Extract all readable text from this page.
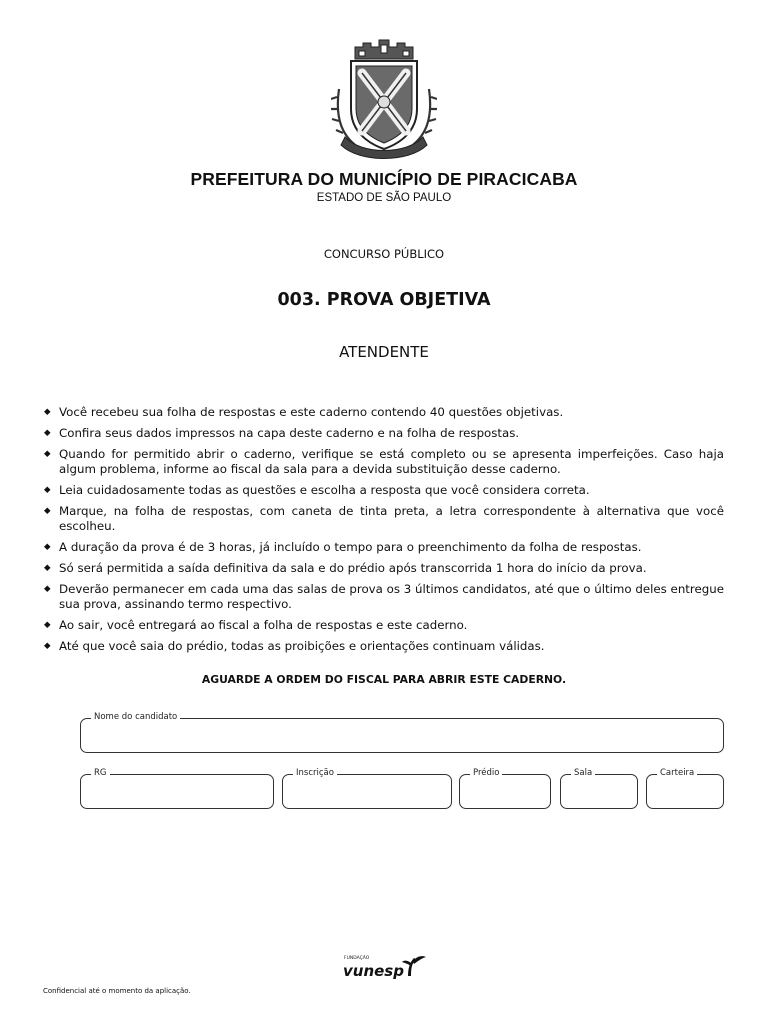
PREFEITURA DO MUNICÍPIO DE PIRACICABA
ESTADO DE SÃO PAULO
CONCURSO PÚBLICO
003. PROVA OBJETIVA
ATENDENTE
◆ Você recebeu sua folha de respostas e este caderno contendo 40 questões objetivas.
◆ Confira seus dados impressos na capa deste caderno e na folha de respostas.
◆ Quando for permitido abrir o caderno, verifique se está completo ou se apresenta imperfeições. Caso haja algum problema, informe ao fiscal da sala para a devida substituição desse caderno.
◆ Leia cuidadosamente todas as questões e escolha a resposta que você considera correta.
◆ Marque, na folha de respostas, com caneta de tinta preta, a letra correspondente à alternativa que você escolheu.
◆ A duração da prova é de 3 horas, já incluído o tempo para o preenchimento da folha de respostas.
◆ Só será permitida a saída definitiva da sala e do prédio após transcorrida 1 hora do início da prova.
◆ Deverão permanecer em cada uma das salas de prova os 3 últimos candidatos, até que o último deles entregue sua prova, assinando termo respectivo.
◆ Ao sair, você entregará ao fiscal a folha de respostas e este caderno.
◆ Até que você saia do prédio, todas as proibições e orientações continuam válidas.
AGUARDE A ORDEM DO FISCAL PARA ABRIR ESTE CADERNO.
Nome do candidato
RG	Inscrição	Prédio	Sala	Carteira
FUNDAÇÃO
vunesp
Confidencial até o momento da aplicação.
